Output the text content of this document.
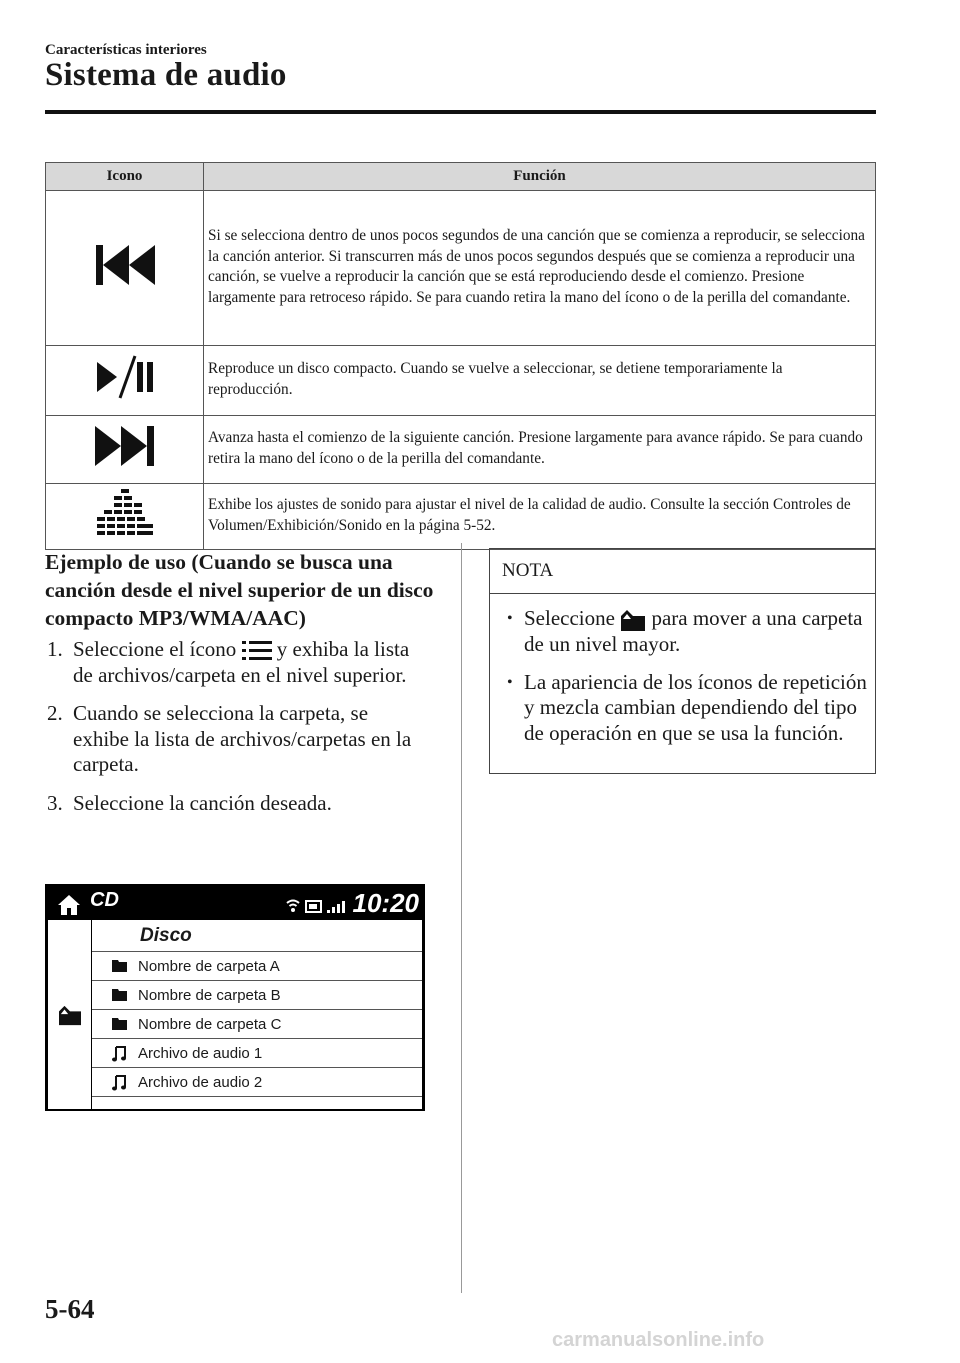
Características interiores
Sistema de audio
Icono	Función
	Si se selecciona dentro de unos pocos segundos de una canción que se comienza a reproducir, se selecciona la canción anterior. Si transcurren más de unos pocos segundos después que se comienza a reproducir una canción, se vuelve a reproducir la canción que se está reproduciendo desde el comienzo. Presione largamente para retroceso rápido. Se para cuando retira la mano del ícono o de la perilla del comandante.
	Reproduce un disco compacto. Cuando se vuelve a seleccionar, se detiene temporariamente la reproducción.
	Avanza hasta el comienzo de la siguiente canción. Presione largamente para avance rápido. Se para cuando retira la mano del ícono o de la perilla del comandante.
	Exhibe los ajustes de sonido para ajustar el nivel de la calidad de audio. Consulte la sección Controles de Volumen/Exhibición/Sonido en la página 5-52.
Ejemplo de uso (Cuando se busca una canción desde el nivel superior de un disco compacto MP3/WMA/AAC)
1. Seleccione el ícono y exhiba la lista de archivos/carpeta en el nivel superior.
2. Cuando se selecciona la carpeta, se exhibe la lista de archivos/carpetas en la carpeta.
3. Seleccione la canción deseada.
NOTA
• Seleccione para mover a una carpeta de un nivel mayor.
• La apariencia de los íconos de repetición y mezcla cambian dependiendo del tipo de operación en que se usa la función.
CD	10:20
Disco
Nombre de carpeta A
Nombre de carpeta B
Nombre de carpeta C
Archivo de audio 1
Archivo de audio 2
5-64
carmanualsonline.info
